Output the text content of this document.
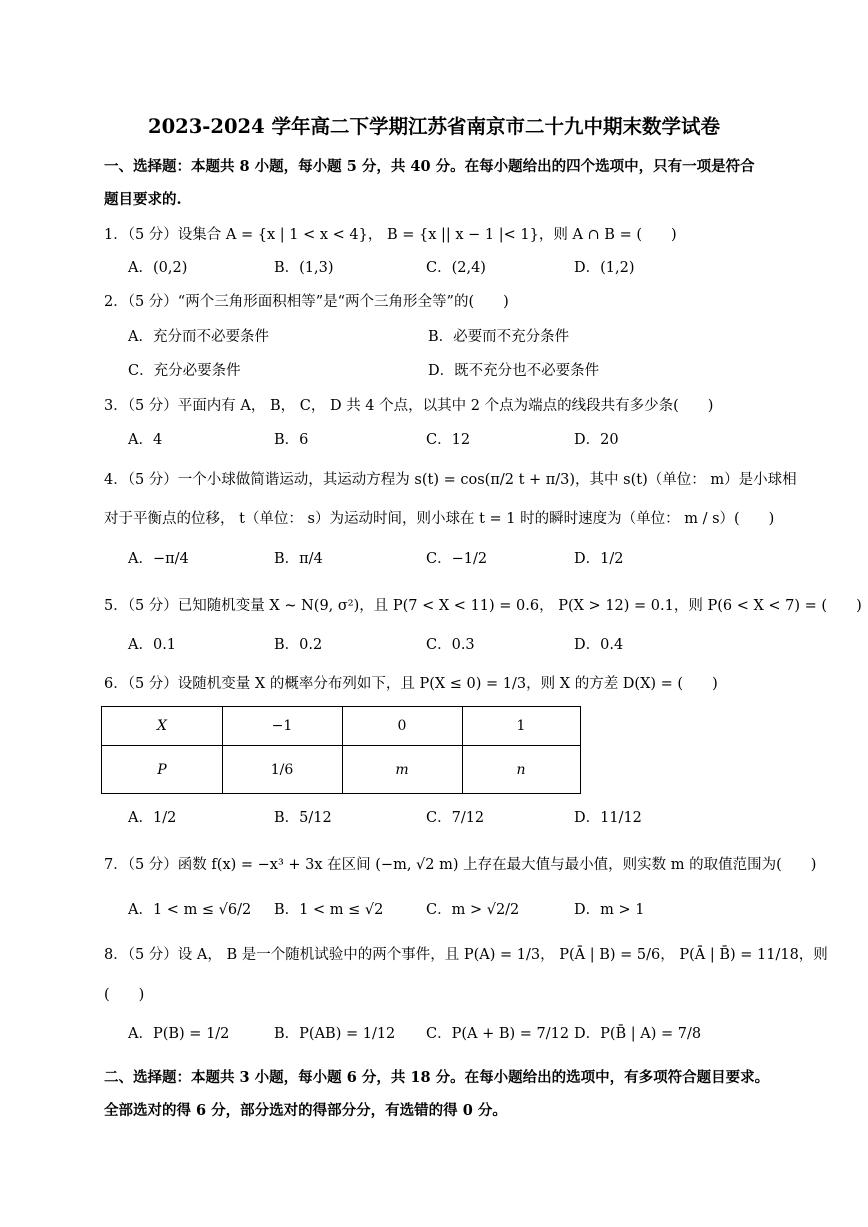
2023-2024 学年高二下学期江苏省南京市二十九中期末数学试卷
一、选择题：本题共 8 小题，每小题 5 分，共 40 分。在每小题给出的四个选项中，只有一项是符合
题目要求的.
1．（5 分）设集合 A = {x | 1 < x < 4}， B = {x || x − 1 |< 1}，则 A ∩ B = (　　)
A．(0,2)	B．(1,3)	C．(2,4)	D．(1,2)
2．（5 分）“两个三角形面积相等”是“两个三角形全等”的(　　)
A．充分而不必要条件	B．必要而不充分条件
C．充分必要条件	D．既不充分也不必要条件
3．（5 分）平面内有 A， B， C， D 共 4 个点，以其中 2 个点为端点的线段共有多少条(　　)
A．4	B．6	C．12	D．20
4．（5 分）一个小球做简谐运动，其运动方程为 s(t) = cos(π/2 t + π/3)，其中 s(t)（单位： m）是小球相
对于平衡点的位移， t（单位： s）为运动时间，则小球在 t = 1 时的瞬时速度为（单位： m / s）(　　)
A．−π/4	B．π/4	C．−1/2	D．1/2
5．（5 分）已知随机变量 X ~ N(9, σ²)，且 P(7 < X < 11) = 0.6， P(X > 12) = 0.1，则 P(6 < X < 7) = (　　)
A．0.1	B．0.2	C．0.3	D．0.4
6．（5 分）设随机变量 X 的概率分布列如下，且 P(X ≤ 0) = 1/3，则 X 的方差 D(X) = (　　)
X	−1	0	1
P	1/6	m	n
A．1/2	B．5/12	C．7/12	D．11/12
7．（5 分）函数 f(x) = −x³ + 3x 在区间 (−m, √2 m) 上存在最大值与最小值，则实数 m 的取值范围为(　　)
A．1 < m ≤ √6/2 B．1 < m ≤ √2	C．m > √2/2	D．m > 1
8．（5 分）设 A， B 是一个随机试验中的两个事件，且 P(A) = 1/3， P(Ā | B) = 5/6， P(Ā | B̄) = 11/18，则
(　　)
A．P(B) = 1/2	B．P(AB) = 1/12 C．P(A + B) = 7/12 D．P(B̄ | A) = 7/8
二、选择题：本题共 3 小题，每小题 6 分，共 18 分。在每小题给出的选项中，有多项符合题目要求。
全部选对的得 6 分，部分选对的得部分分，有选错的得 0 分。
